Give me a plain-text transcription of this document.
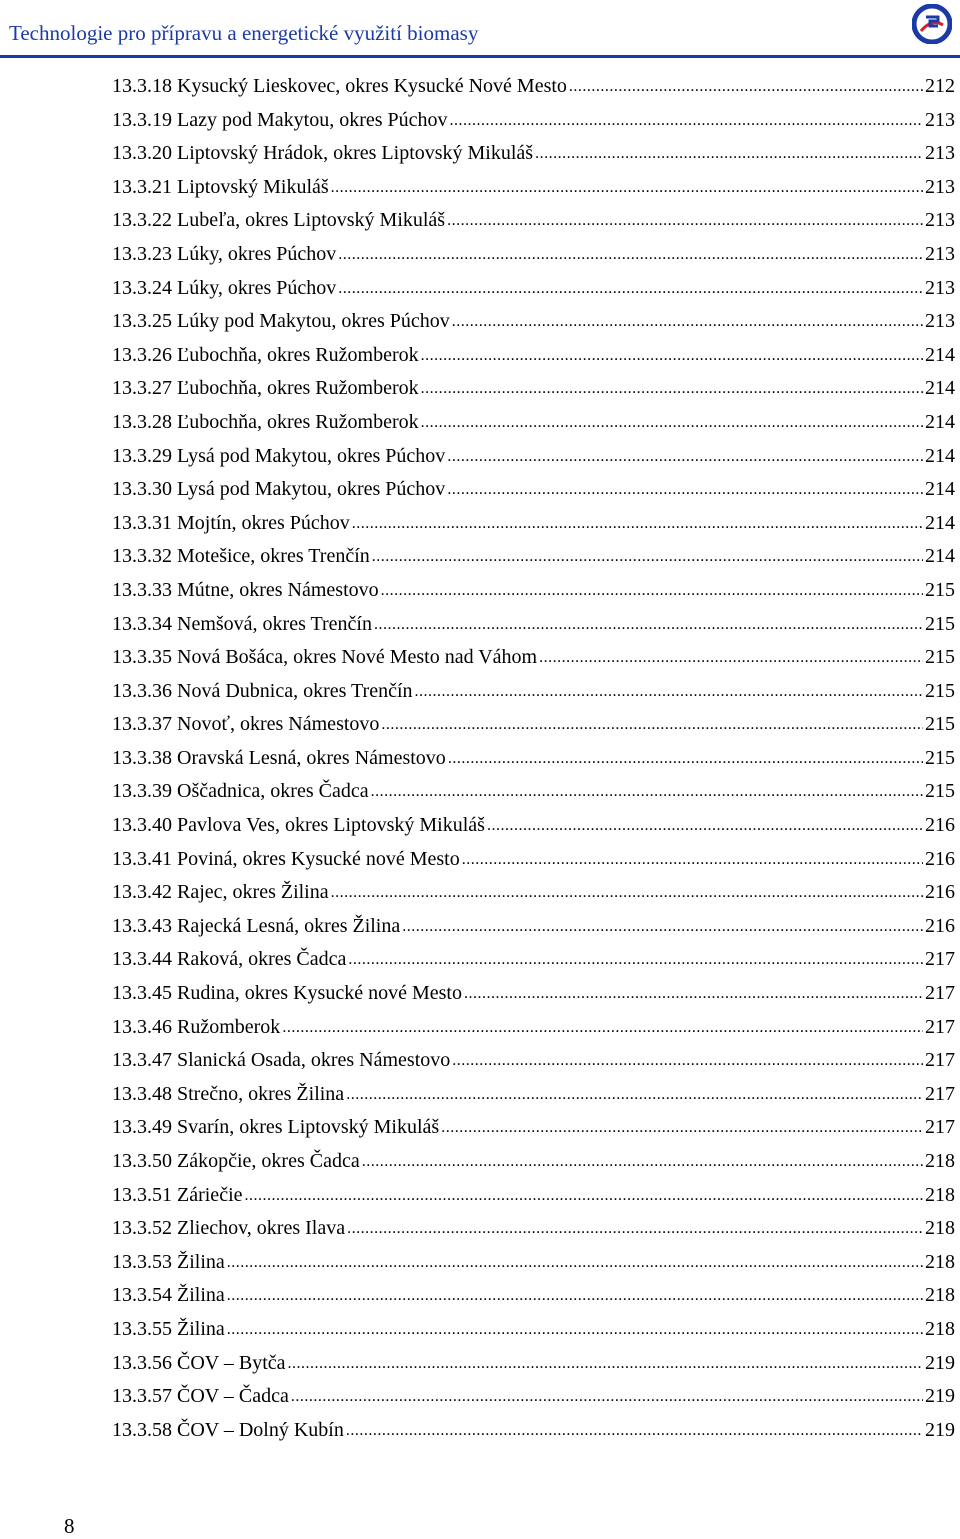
Technologie pro přípravu a energetické využití biomasy
13.3.18 Kysucký Lieskovec, okres Kysucké Nové Mesto .....	212
13.3.19 Lazy pod Makytou, okres Púchov .....	213
13.3.20 Liptovský Hrádok, okres Liptovský Mikuláš .....	213
13.3.21 Liptovský Mikuláš .....	213
13.3.22 Lubeľa, okres Liptovský Mikuláš .....	213
13.3.23 Lúky, okres Púchov .....	213
13.3.24 Lúky, okres Púchov .....	213
13.3.25 Lúky pod Makytou, okres Púchov .....	213
13.3.26 Ľubochňa, okres Ružomberok .....	214
13.3.27 Ľubochňa, okres Ružomberok .....	214
13.3.28 Ľubochňa, okres Ružomberok .....	214
13.3.29 Lysá pod Makytou, okres Púchov .....	214
13.3.30 Lysá pod Makytou, okres Púchov .....	214
13.3.31 Mojtín, okres Púchov .....	214
13.3.32 Motešice, okres Trenčín .....	214
13.3.33 Mútne, okres Námestovo .....	215
13.3.34 Nemšová, okres Trenčín .....	215
13.3.35 Nová Bošáca, okres Nové Mesto nad Váhom .....	215
13.3.36 Nová Dubnica, okres Trenčín .....	215
13.3.37 Novoť, okres Námestovo .....	215
13.3.38 Oravská Lesná, okres Námestovo .....	215
13.3.39 Oščadnica, okres Čadca .....	215
13.3.40 Pavlova Ves, okres Liptovský Mikuláš .....	216
13.3.41 Poviná, okres Kysucké nové Mesto .....	216
13.3.42 Rajec, okres Žilina .....	216
13.3.43 Rajecká Lesná, okres Žilina .....	216
13.3.44 Raková, okres Čadca .....	217
13.3.45 Rudina, okres Kysucké nové Mesto .....	217
13.3.46 Ružomberok .....	217
13.3.47 Slanická Osada, okres Námestovo .....	217
13.3.48 Strečno, okres Žilina .....	217
13.3.49 Svarín, okres Liptovský Mikuláš .....	217
13.3.50 Zákopčie, okres Čadca .....	218
13.3.51 Záriečie .....	218
13.3.52 Zliechov, okres Ilava .....	218
13.3.53 Žilina .....	218
13.3.54 Žilina .....	218
13.3.55 Žilina .....	218
13.3.56 ČOV – Bytča .....	219
13.3.57 ČOV – Čadca .....	219
13.3.58 ČOV – Dolný Kubín .....	219
8
